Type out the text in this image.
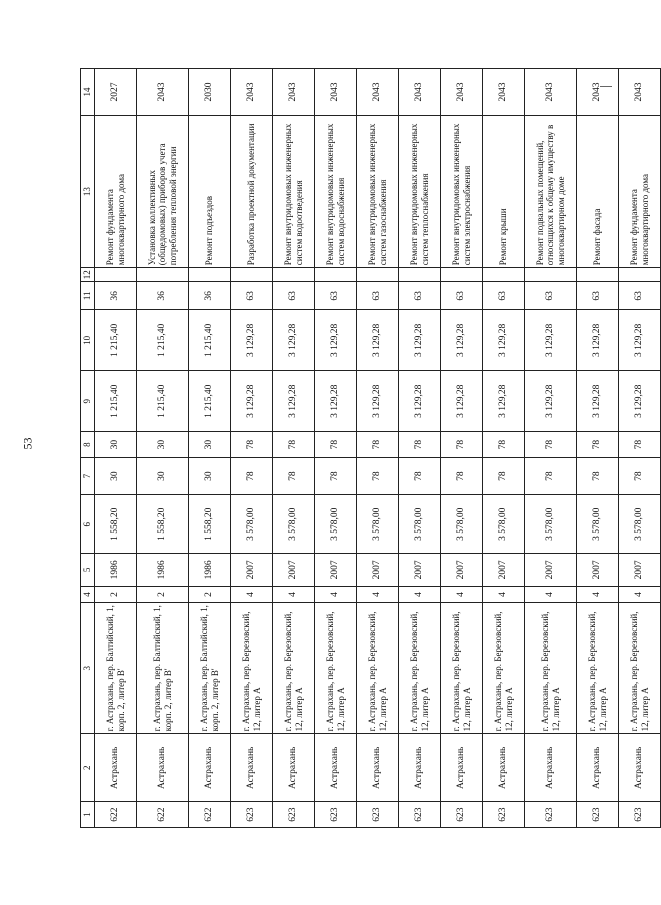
53
1	2	3	4	5	6	7	8	9	10	11	12	13	14
622	Астрахань	г. Астрахань, пер. Балтийский, 1, корп. 2, литер В'	2	1986	1 558,20	30	30	1 215,40	1 215,40	36		Ремонт фундамента многоквартирного дома	2027
622	Астрахань	г. Астрахань, пер. Балтийский, 1, корп. 2, литер В'	2	1986	1 558,20	30	30	1 215,40	1 215,40	36		Установка коллективных (общедомовых) приборов учета потребления тепловой энергии	2043
622	Астрахань	г. Астрахань, пер. Балтийский, 1, корп. 2, литер В'	2	1986	1 558,20	30	30	1 215,40	1 215,40	36		Ремонт подъездов	2030
623	Астрахань	г. Астрахань, пер. Березовский, 12, литер А	4	2007	3 578,00	78	78	3 129,28	3 129,28	63		Разработка проектной документации	2043
623	Астрахань	г. Астрахань, пер. Березовский, 12, литер А	4	2007	3 578,00	78	78	3 129,28	3 129,28	63		Ремонт внутридомовых инженерных систем водоотведения	2043
623	Астрахань	г. Астрахань, пер. Березовский, 12, литер А	4	2007	3 578,00	78	78	3 129,28	3 129,28	63		Ремонт внутридомовых инженерных систем водоснабжения	2043
623	Астрахань	г. Астрахань, пер. Березовский, 12, литер А	4	2007	3 578,00	78	78	3 129,28	3 129,28	63		Ремонт внутридомовых инженерных систем газоснабжения	2043
623	Астрахань	г. Астрахань, пер. Березовский, 12, литер А	4	2007	3 578,00	78	78	3 129,28	3 129,28	63		Ремонт внутридомовых инженерных систем теплоснабжения	2043
623	Астрахань	г. Астрахань, пер. Березовский, 12, литер А	4	2007	3 578,00	78	78	3 129,28	3 129,28	63		Ремонт внутридомовых инженерных систем электроснабжения	2043
623	Астрахань	г. Астрахань, пер. Березовский, 12, литер А	4	2007	3 578,00	78	78	3 129,28	3 129,28	63		Ремонт крыши	2043
623	Астрахань	г. Астрахань, пер. Березовский, 12, литер А	4	2007	3 578,00	78	78	3 129,28	3 129,28	63		Ремонт подвальных помещений, относящихся к общему имуществу в многоквартирном доме	2043
623	Астрахань	г. Астрахань, пер. Березовский, 12, литер А	4	2007	3 578,00	78	78	3 129,28	3 129,28	63		Ремонт фасада	2043
623	Астрахань	г. Астрахань, пер. Березовский, 12, литер А	4	2007	3 578,00	78	78	3 129,28	3 129,28	63		Ремонт фундамента многоквартирного дома	2043
